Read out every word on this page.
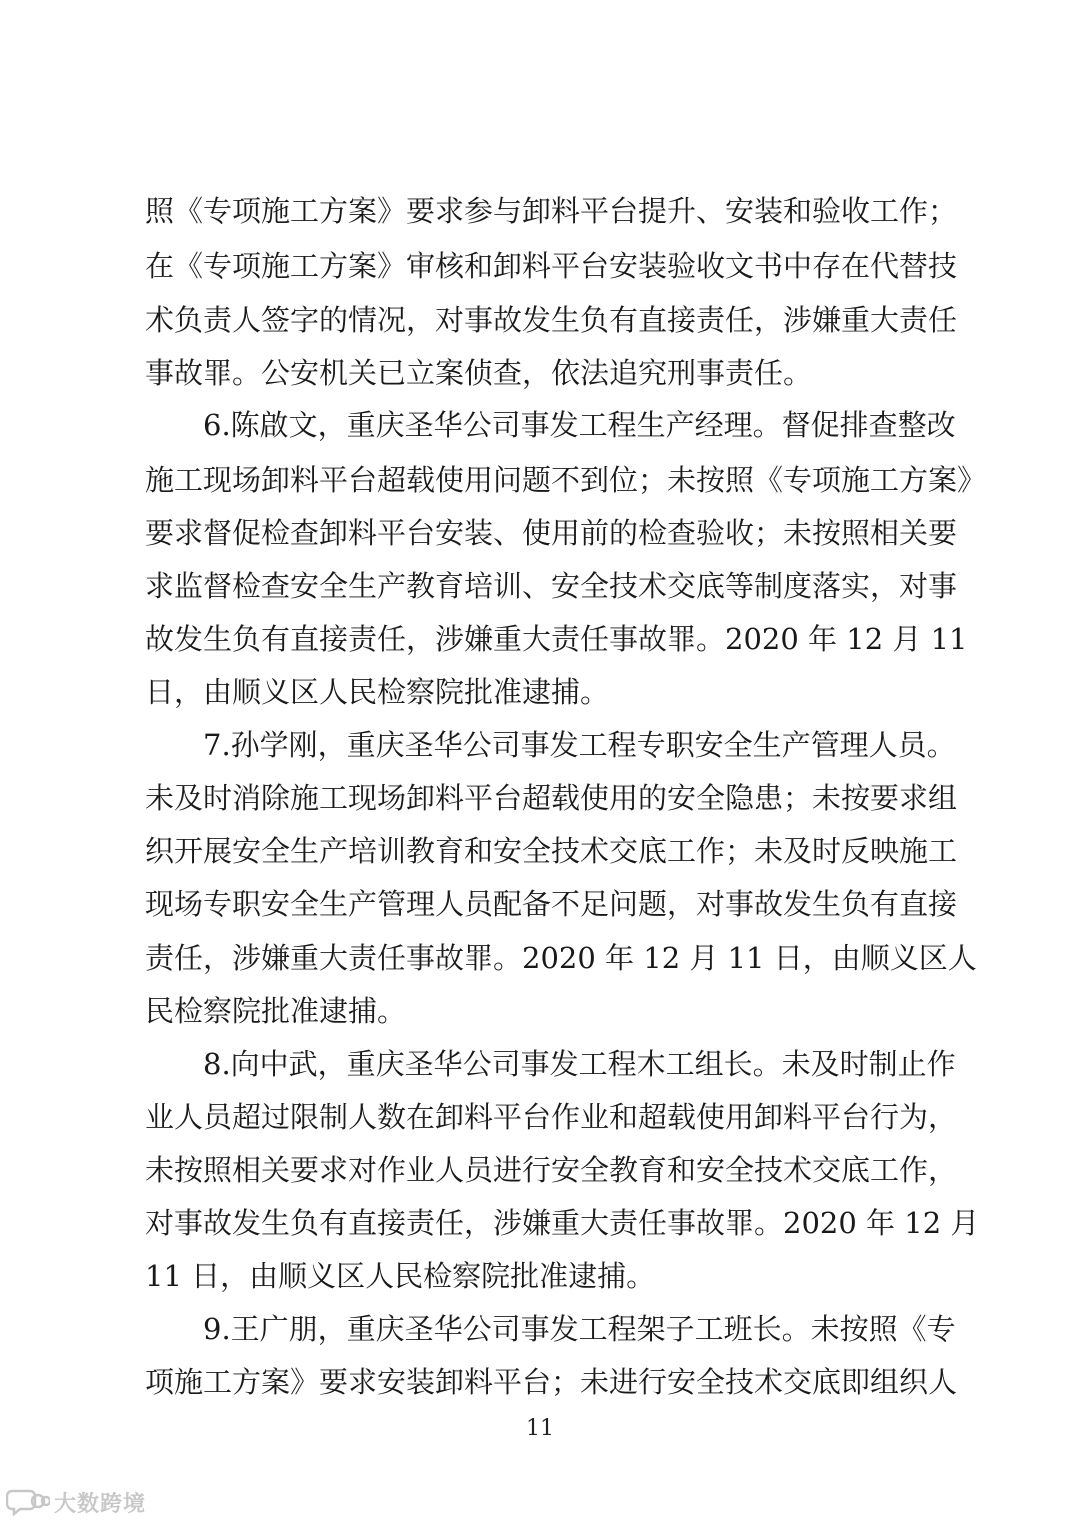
照《专项施工方案》要求参与卸料平台提升、安装和验收工作；
在《专项施工方案》审核和卸料平台安装验收文书中存在代替技
术负责人签字的情况，对事故发生负有直接责任，涉嫌重大责任
事故罪。公安机关已立案侦查，依法追究刑事责任。
6.陈啟文，重庆圣华公司事发工程生产经理。督促排查整改
施工现场卸料平台超载使用问题不到位；未按照《专项施工方案》
要求督促检查卸料平台安装、使用前的检查验收；未按照相关要
求监督检查安全生产教育培训、安全技术交底等制度落实，对事
故发生负有直接责任，涉嫌重大责任事故罪。2020 年 12 月 11
日，由顺义区人民检察院批准逮捕。
7.孙学刚，重庆圣华公司事发工程专职安全生产管理人员。
未及时消除施工现场卸料平台超载使用的安全隐患；未按要求组
织开展安全生产培训教育和安全技术交底工作；未及时反映施工
现场专职安全生产管理人员配备不足问题，对事故发生负有直接
责任，涉嫌重大责任事故罪。2020 年 12 月 11 日，由顺义区人
民检察院批准逮捕。
8.向中武，重庆圣华公司事发工程木工组长。未及时制止作
业人员超过限制人数在卸料平台作业和超载使用卸料平台行为，
未按照相关要求对作业人员进行安全教育和安全技术交底工作，
对事故发生负有直接责任，涉嫌重大责任事故罪。2020 年 12 月
11 日，由顺义区人民检察院批准逮捕。
9.王广朋，重庆圣华公司事发工程架子工班长。未按照《专
项施工方案》要求安装卸料平台；未进行安全技术交底即组织人
11
大数跨境
